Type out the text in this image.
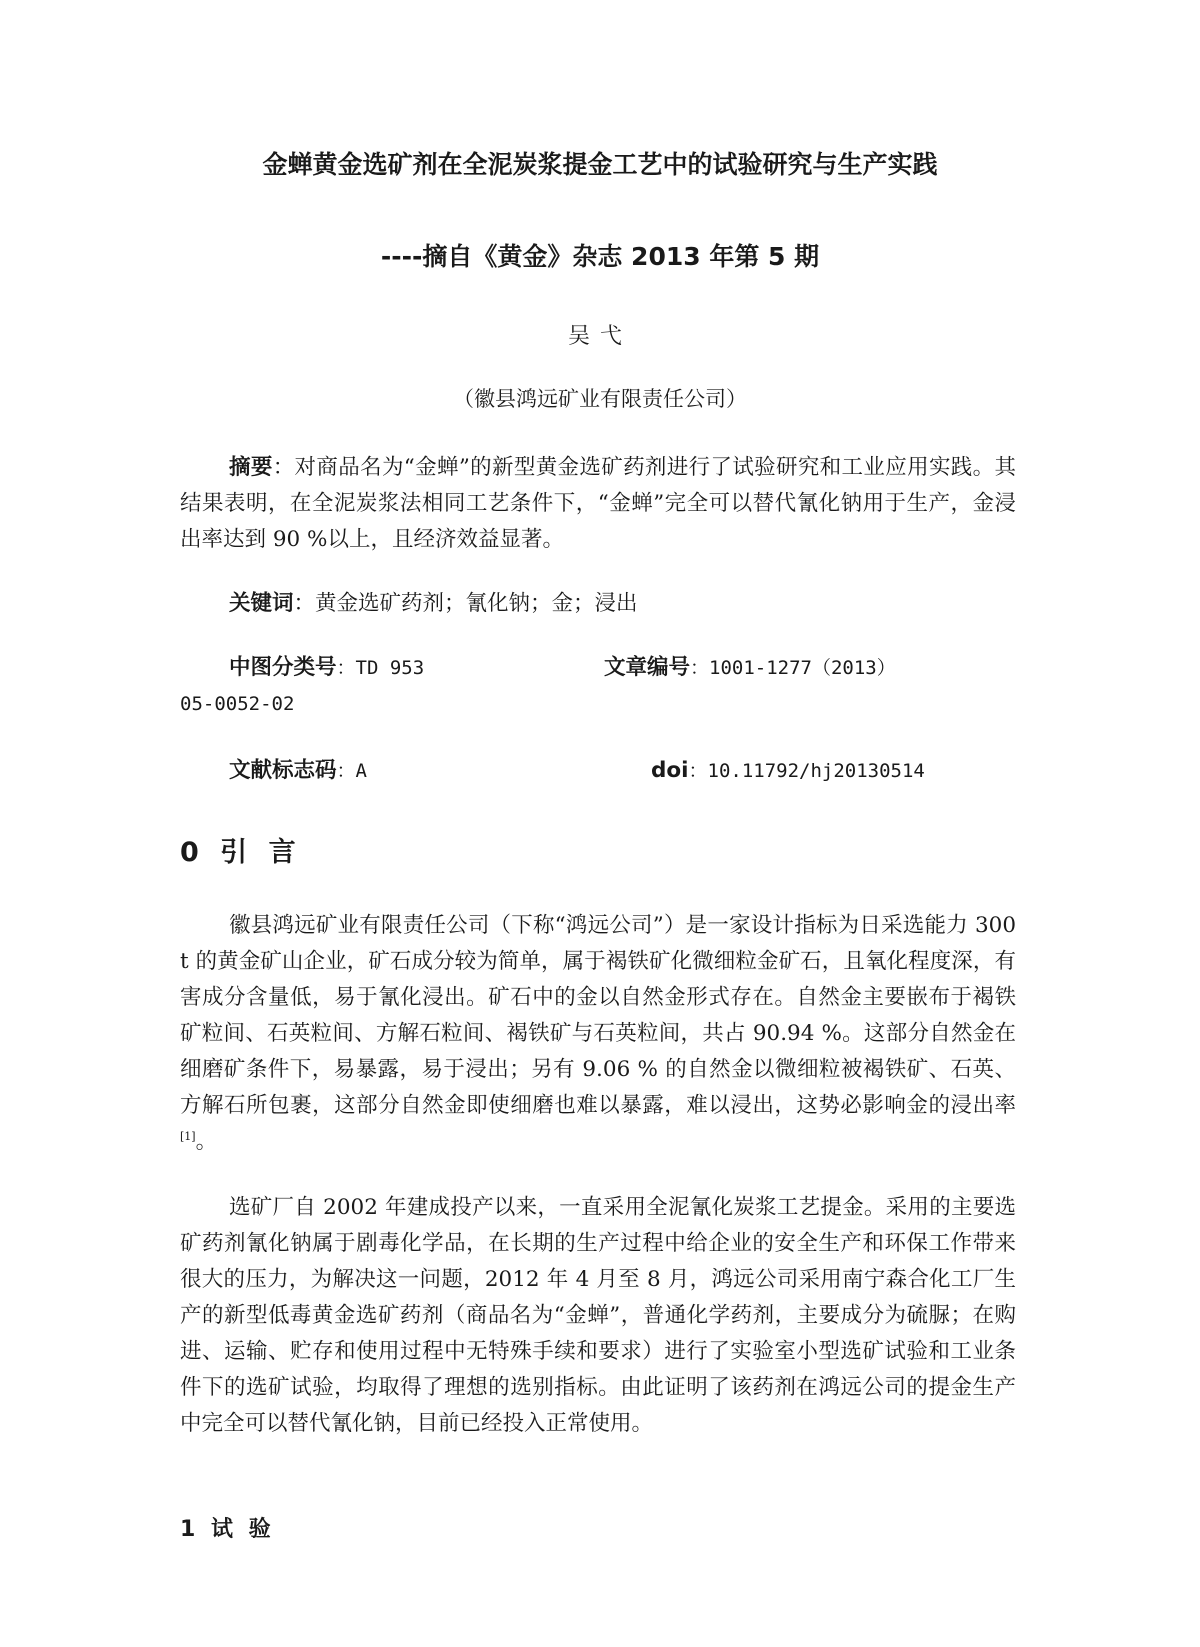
金蝉黄金选矿剂在全泥炭浆提金工艺中的试验研究与生产实践
----摘自《黄金》杂志 2013 年第 5 期
吴弋
（徽县鸿远矿业有限责任公司）
摘要：对商品名为“金蝉”的新型黄金选矿药剂进行了试验研究和工业应用实践。其结果表明，在全泥炭浆法相同工艺条件下，“金蝉”完全可以替代氰化钠用于生产，金浸出率达到 90 %以上，且经济效益显著。
关键词：黄金选矿药剂；氰化钠；金；浸出
中图分类号：TD 953	文章编号：1001-1277（2013）
05-0052-02
文献标志码：A	doi：10.11792/hj20130514
0 引 言
徽县鸿远矿业有限责任公司（下称“鸿远公司”）是一家设计指标为日采选能力 300 t 的黄金矿山企业，矿石成分较为简单，属于褐铁矿化微细粒金矿石，且氧化程度深，有害成分含量低，易于氰化浸出。矿石中的金以自然金形式存在。自然金主要嵌布于褐铁矿粒间、石英粒间、方解石粒间、褐铁矿与石英粒间，共占 90.94 %。这部分自然金在细磨矿条件下，易暴露，易于浸出；另有 9.06 % 的自然金以微细粒被褐铁矿、石英、方解石所包裹，这部分自然金即使细磨也难以暴露，难以浸出，这势必影响金的浸出率[1]。
选矿厂自 2002 年建成投产以来，一直采用全泥氰化炭浆工艺提金。采用的主要选矿药剂氰化钠属于剧毒化学品，在长期的生产过程中给企业的安全生产和环保工作带来很大的压力，为解决这一问题，2012 年 4 月至 8 月，鸿远公司采用南宁森合化工厂生产的新型低毒黄金选矿药剂（商品名为“金蝉”，普通化学药剂，主要成分为硫脲；在购进、运输、贮存和使用过程中无特殊手续和要求）进行了实验室小型选矿试验和工业条件下的选矿试验，均取得了理想的选别指标。由此证明了该药剂在鸿远公司的提金生产中完全可以替代氰化钠，目前已经投入正常使用。
1 试 验
